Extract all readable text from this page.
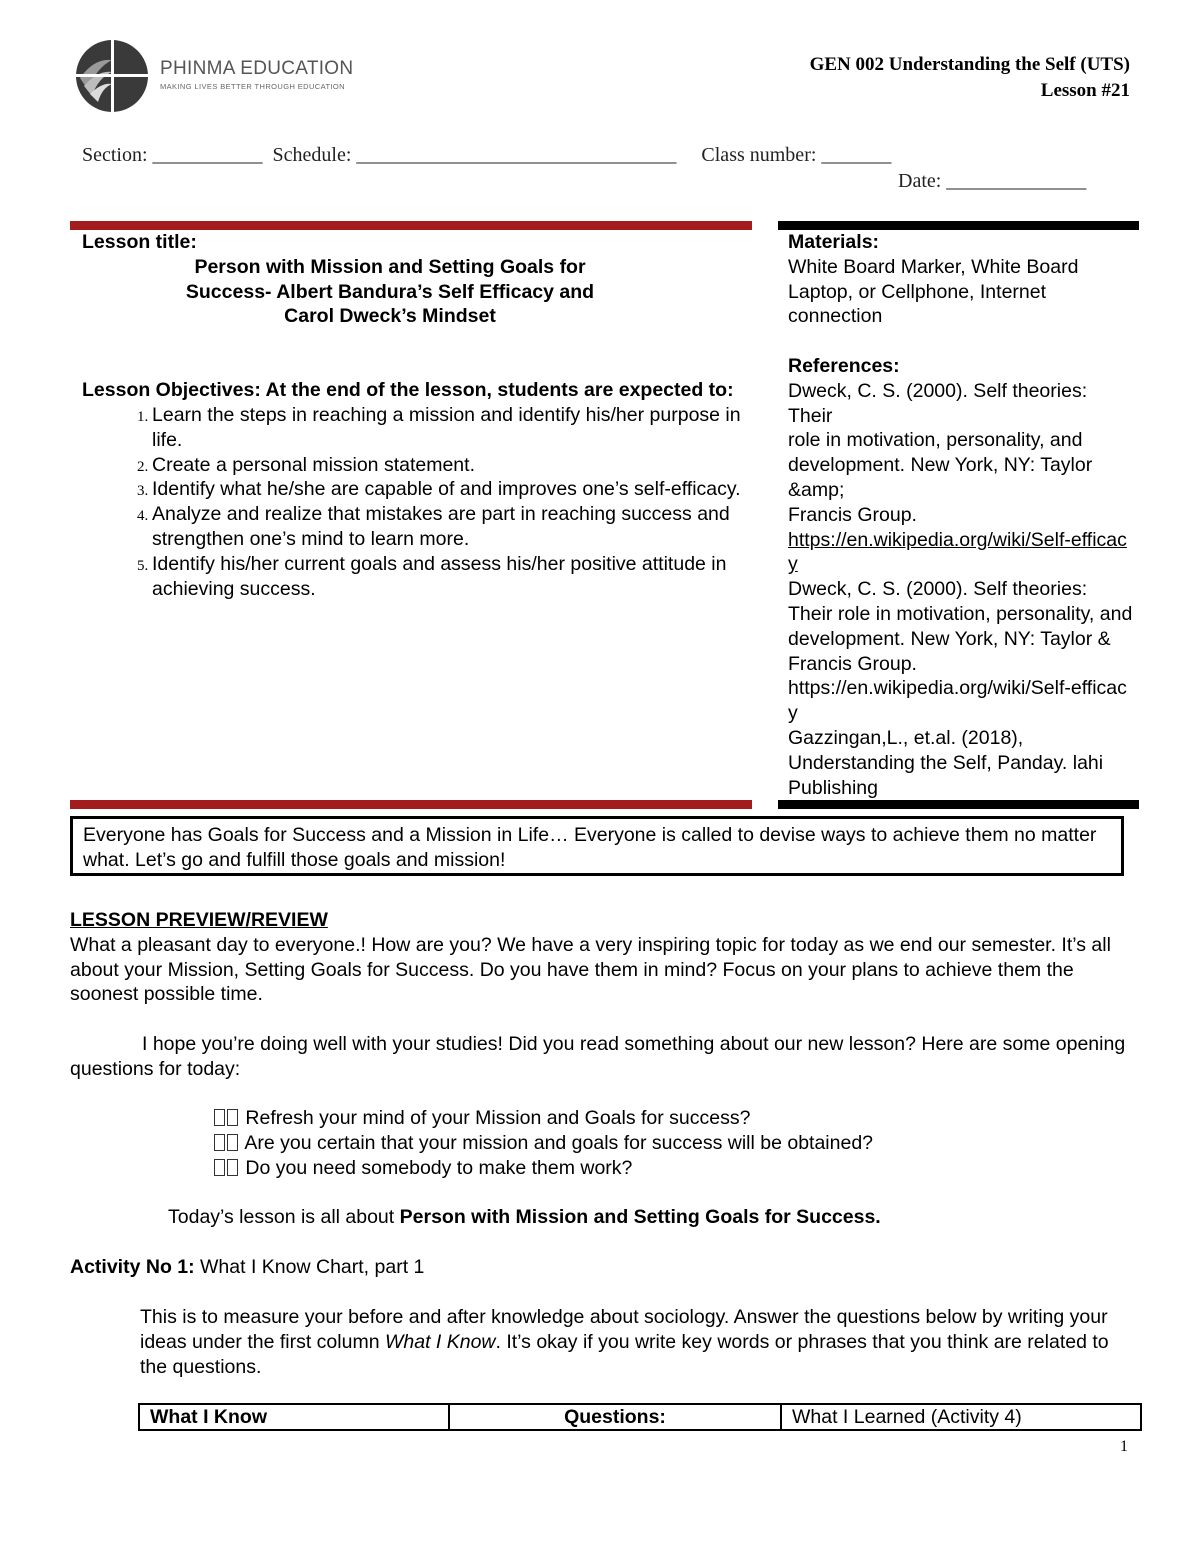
PHINMA EDUCATION
MAKING LIVES BETTER THROUGH EDUCATION
GEN 002 Understanding the Self (UTS)
Lesson #21
Section: ___________  Schedule: ________________________________     Class number: _______
Date: ______________
Lesson title:
Person with Mission and Setting Goals for
Success- Albert Bandura’s Self Efficacy and
Carol Dweck’s Mindset
Lesson Objectives: At the end of the lesson, students are expected to:
1. Learn the steps in reaching a mission and identify his/her purpose in life.
2. Create a personal mission statement.
3. Identify what he/she are capable of and improves one’s self-efficacy.
4. Analyze and realize that mistakes are part in reaching success and strengthen one’s mind to learn more.
5. Identify his/her current goals and assess his/her positive attitude in achieving success.
Materials:
White Board Marker, White Board Laptop, or Cellphone, Internet connection
References:
Dweck, C. S. (2000). Self theories: Their
role in motivation, personality, and development. New York, NY: Taylor &amp;
Francis Group.
https://en.wikipedia.org/wiki/Self-efficacy
Dweck, C. S. (2000). Self theories: Their role in motivation, personality, and development. New York, NY: Taylor & Francis Group.
https://en.wikipedia.org/wiki/Self-efficacy
Gazzingan,L., et.al. (2018), Understanding the Self, Panday. lahi Publishing
Everyone has Goals for Success and a Mission in Life… Everyone is called to devise ways to achieve them no matter what. Let’s go and fulfill those goals and mission!
LESSON PREVIEW/REVIEW
What a pleasant day to everyone.! How are you? We have a very inspiring topic for today as we end our semester. It’s all about your Mission, Setting Goals for Success. Do you have them in mind? Focus on your plans to achieve them the soonest possible time.
I hope you’re doing well with your studies! Did you read something about our new lesson? Here are some opening questions for today:
Refresh your mind of your Mission and Goals for success?
Are you certain that your mission and goals for success will be obtained?
Do you need somebody to make them work?
Today’s lesson is all about Person with Mission and Setting Goals for Success.
Activity No 1: What I Know Chart, part 1
This is to measure your before and after knowledge about sociology. Answer the questions below by writing your ideas under the first column What I Know. It’s okay if you write key words or phrases that you think are related to the questions.
What I Know	Questions:	What I Learned (Activity 4)
1
